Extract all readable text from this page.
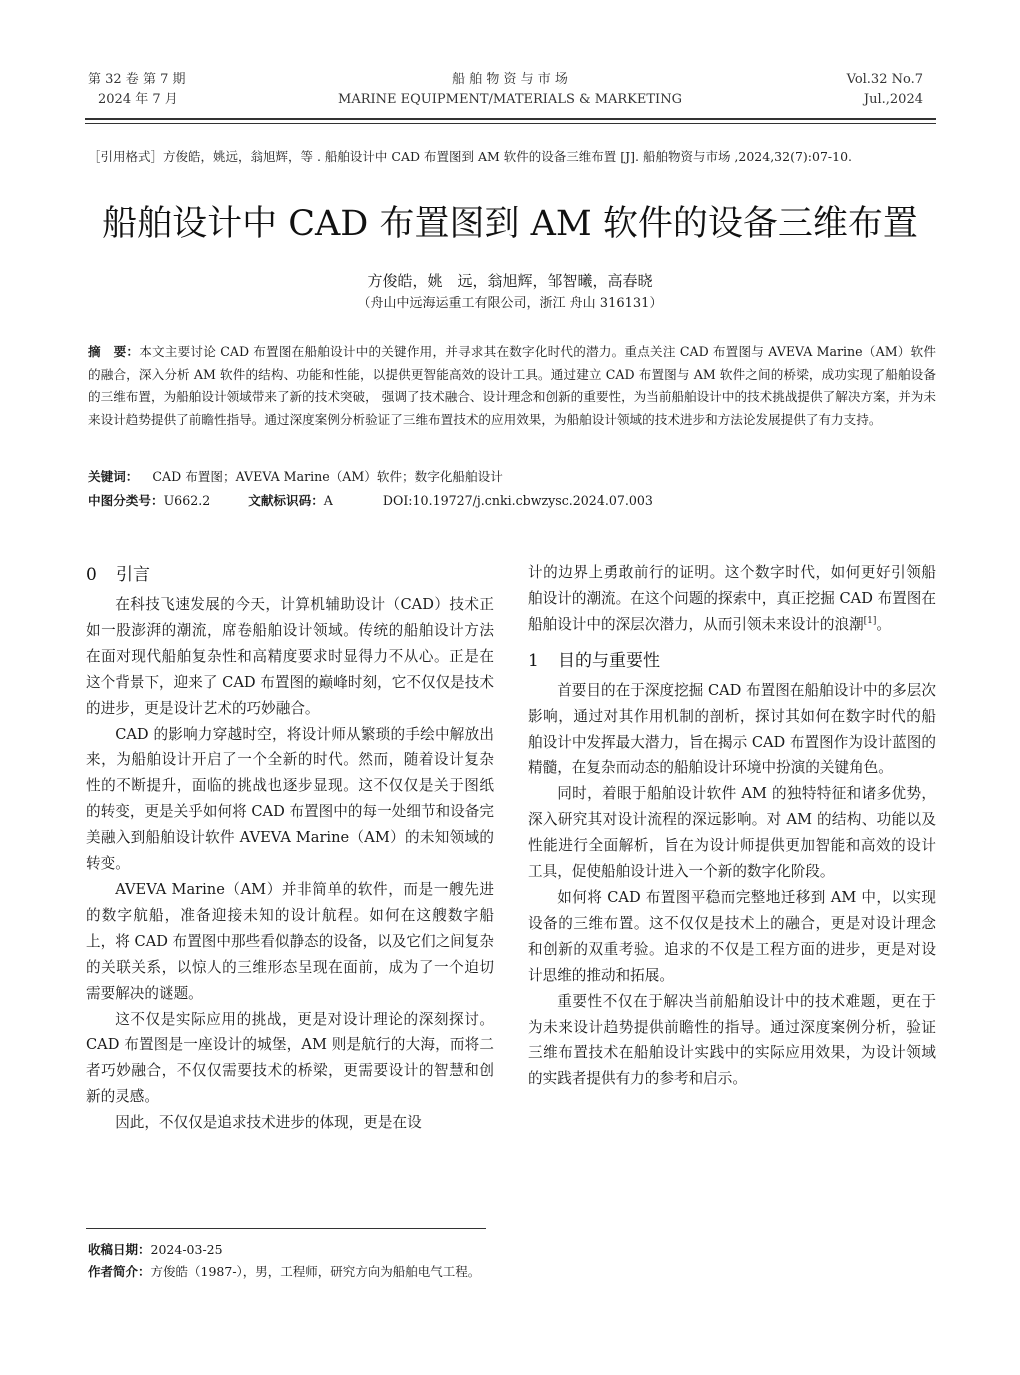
第 32 卷 第 7 期
2024 年 7 月
船 舶 物 资 与 市 场
MARINE EQUIPMENT/MATERIALS & MARKETING
Vol.32 No.7
Jul.,2024
［引用格式］方俊皓，姚远，翁旭辉，等 . 船舶设计中 CAD 布置图到 AM 软件的设备三维布置 [J]. 船舶物资与市场 ,2024,32(7):07-10.
船舶设计中 CAD 布置图到 AM 软件的设备三维布置
方俊皓，姚　远，翁旭辉，邹智曦，高春晓
（舟山中远海运重工有限公司，浙江 舟山 316131）
摘　要：本文主要讨论 CAD 布置图在船舶设计中的关键作用，并寻求其在数字化时代的潜力。重点关注 CAD 布置图与 AVEVA Marine（AM）软件的融合，深入分析 AM 软件的结构、功能和性能，以提供更智能高效的设计工具。通过建立 CAD 布置图与 AM 软件之间的桥梁，成功实现了船舶设备的三维布置，为船舶设计领域带来了新的技术突破， 强调了技术融合、设计理念和创新的重要性，为当前船舶设计中的技术挑战提供了解决方案，并为未来设计趋势提供了前瞻性指导。通过深度案例分析验证了三维布置技术的应用效果，为船舶设计领域的技术进步和方法论发展提供了有力支持。
关键词： CAD 布置图；AVEVA Marine（AM）软件；数字化船舶设计
中图分类号：U662.2	文献标识码：A	DOI:10.19727/j.cnki.cbwzysc.2024.07.003
0 引言

在科技飞速发展的今天，计算机辅助设计（CAD）技术正如一股澎湃的潮流，席卷船舶设计领域。传统的船舶设计方法在面对现代船舶复杂性和高精度要求时显得力不从心。正是在这个背景下，迎来了 CAD 布置图的巅峰时刻，它不仅仅是技术的进步，更是设计艺术的巧妙融合。

CAD 的影响力穿越时空，将设计师从繁琐的手绘中解放出来，为船舶设计开启了一个全新的时代。然而，随着设计复杂性的不断提升，面临的挑战也逐步显现。这不仅仅是关于图纸的转变，更是关乎如何将 CAD 布置图中的每一处细节和设备完美融入到船舶设计软件 AVEVA Marine（AM）的未知领域的转变。

AVEVA Marine（AM）并非简单的软件，而是一艘先进的数字航船，准备迎接未知的设计航程。如何在这艘数字船上，将 CAD 布置图中那些看似静态的设备，以及它们之间复杂的关联关系，以惊人的三维形态呈现在面前，成为了一个迫切需要解决的谜题。

这不仅是实际应用的挑战，更是对设计理论的深刻探讨。CAD 布置图是一座设计的城堡，AM 则是航行的大海，而将二者巧妙融合，不仅仅需要技术的桥梁，更需要设计的智慧和创新的灵感。

因此，不仅仅是追求技术进步的体现，更是在设

计的边界上勇敢前行的证明。这个数字时代，如何更好引领船舶设计的潮流。在这个问题的探索中，真正挖掘 CAD 布置图在船舶设计中的深层次潜力，从而引领未来设计的浪潮[1]。

1 目的与重要性

首要目的在于深度挖掘 CAD 布置图在船舶设计中的多层次影响，通过对其作用机制的剖析，探讨其如何在数字时代的船舶设计中发挥最大潜力，旨在揭示 CAD 布置图作为设计蓝图的精髓，在复杂而动态的船舶设计环境中扮演的关键角色。

同时，着眼于船舶设计软件 AM 的独特特征和诸多优势，深入研究其对设计流程的深远影响。对 AM 的结构、功能以及性能进行全面解析，旨在为设计师提供更加智能和高效的设计工具，促使船舶设计进入一个新的数字化阶段。

如何将 CAD 布置图平稳而完整地迁移到 AM 中，以实现设备的三维布置。这不仅仅是技术上的融合，更是对设计理念和创新的双重考验。追求的不仅是工程方面的进步，更是对设计思维的推动和拓展。

重要性不仅在于解决当前船舶设计中的技术难题，更在于为未来设计趋势提供前瞻性的指导。通过深度案例分析，验证三维布置技术在船舶设计实践中的实际应用效果，为设计领域的实践者提供有力的参考和启示。

收稿日期：2024-03-25
作者简介：方俊皓（1987-），男，工程师，研究方向为船舶电气工程。
